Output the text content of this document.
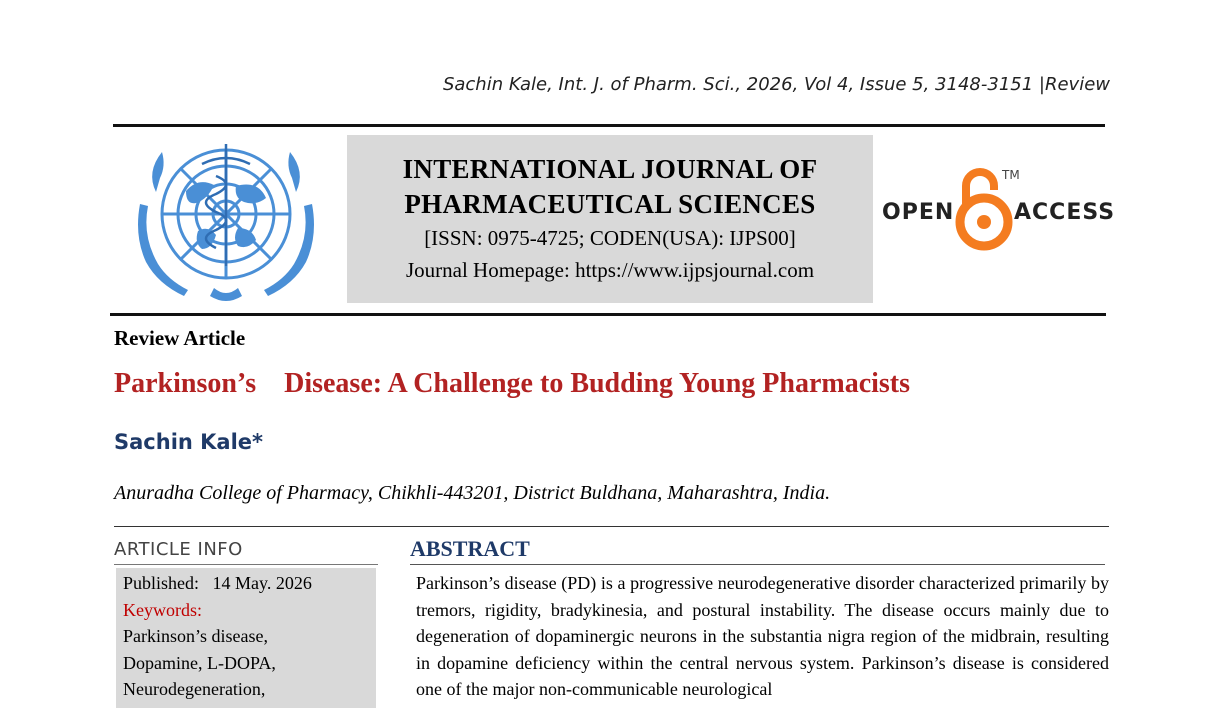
Sachin Kale, Int. J. of Pharm. Sci., 2026, Vol 4, Issue 5, 3148-3151 |Review
INTERNATIONAL JOURNAL OF
PHARMACEUTICAL SCIENCES
[ISSN: 0975-4725; CODEN(USA): IJPS00]
Journal Homepage: https://www.ijpsjournal.com
OPEN
TM
ACCESS
Review Article
Parkinson’s    Disease: A Challenge to Budding Young Pharmacists
Sachin Kale*
Anuradha College of Pharmacy, Chikhli-443201, District Buldhana, Maharashtra, India.
ARTICLE INFO
Published: 14 May. 2026
Keywords:
Parkinson’s disease,
Dopamine, L-DOPA,
Neurodegeneration,
ABSTRACT
Parkinson’s disease (PD) is a progressive neurodegenerative disorder characterized primarily by tremors, rigidity, bradykinesia, and postural instability. The disease occurs mainly due to degeneration of dopaminergic neurons in the substantia nigra region of the midbrain, resulting in dopamine deficiency within the central nervous system. Parkinson’s disease is considered one of the major non-communicable neurological
